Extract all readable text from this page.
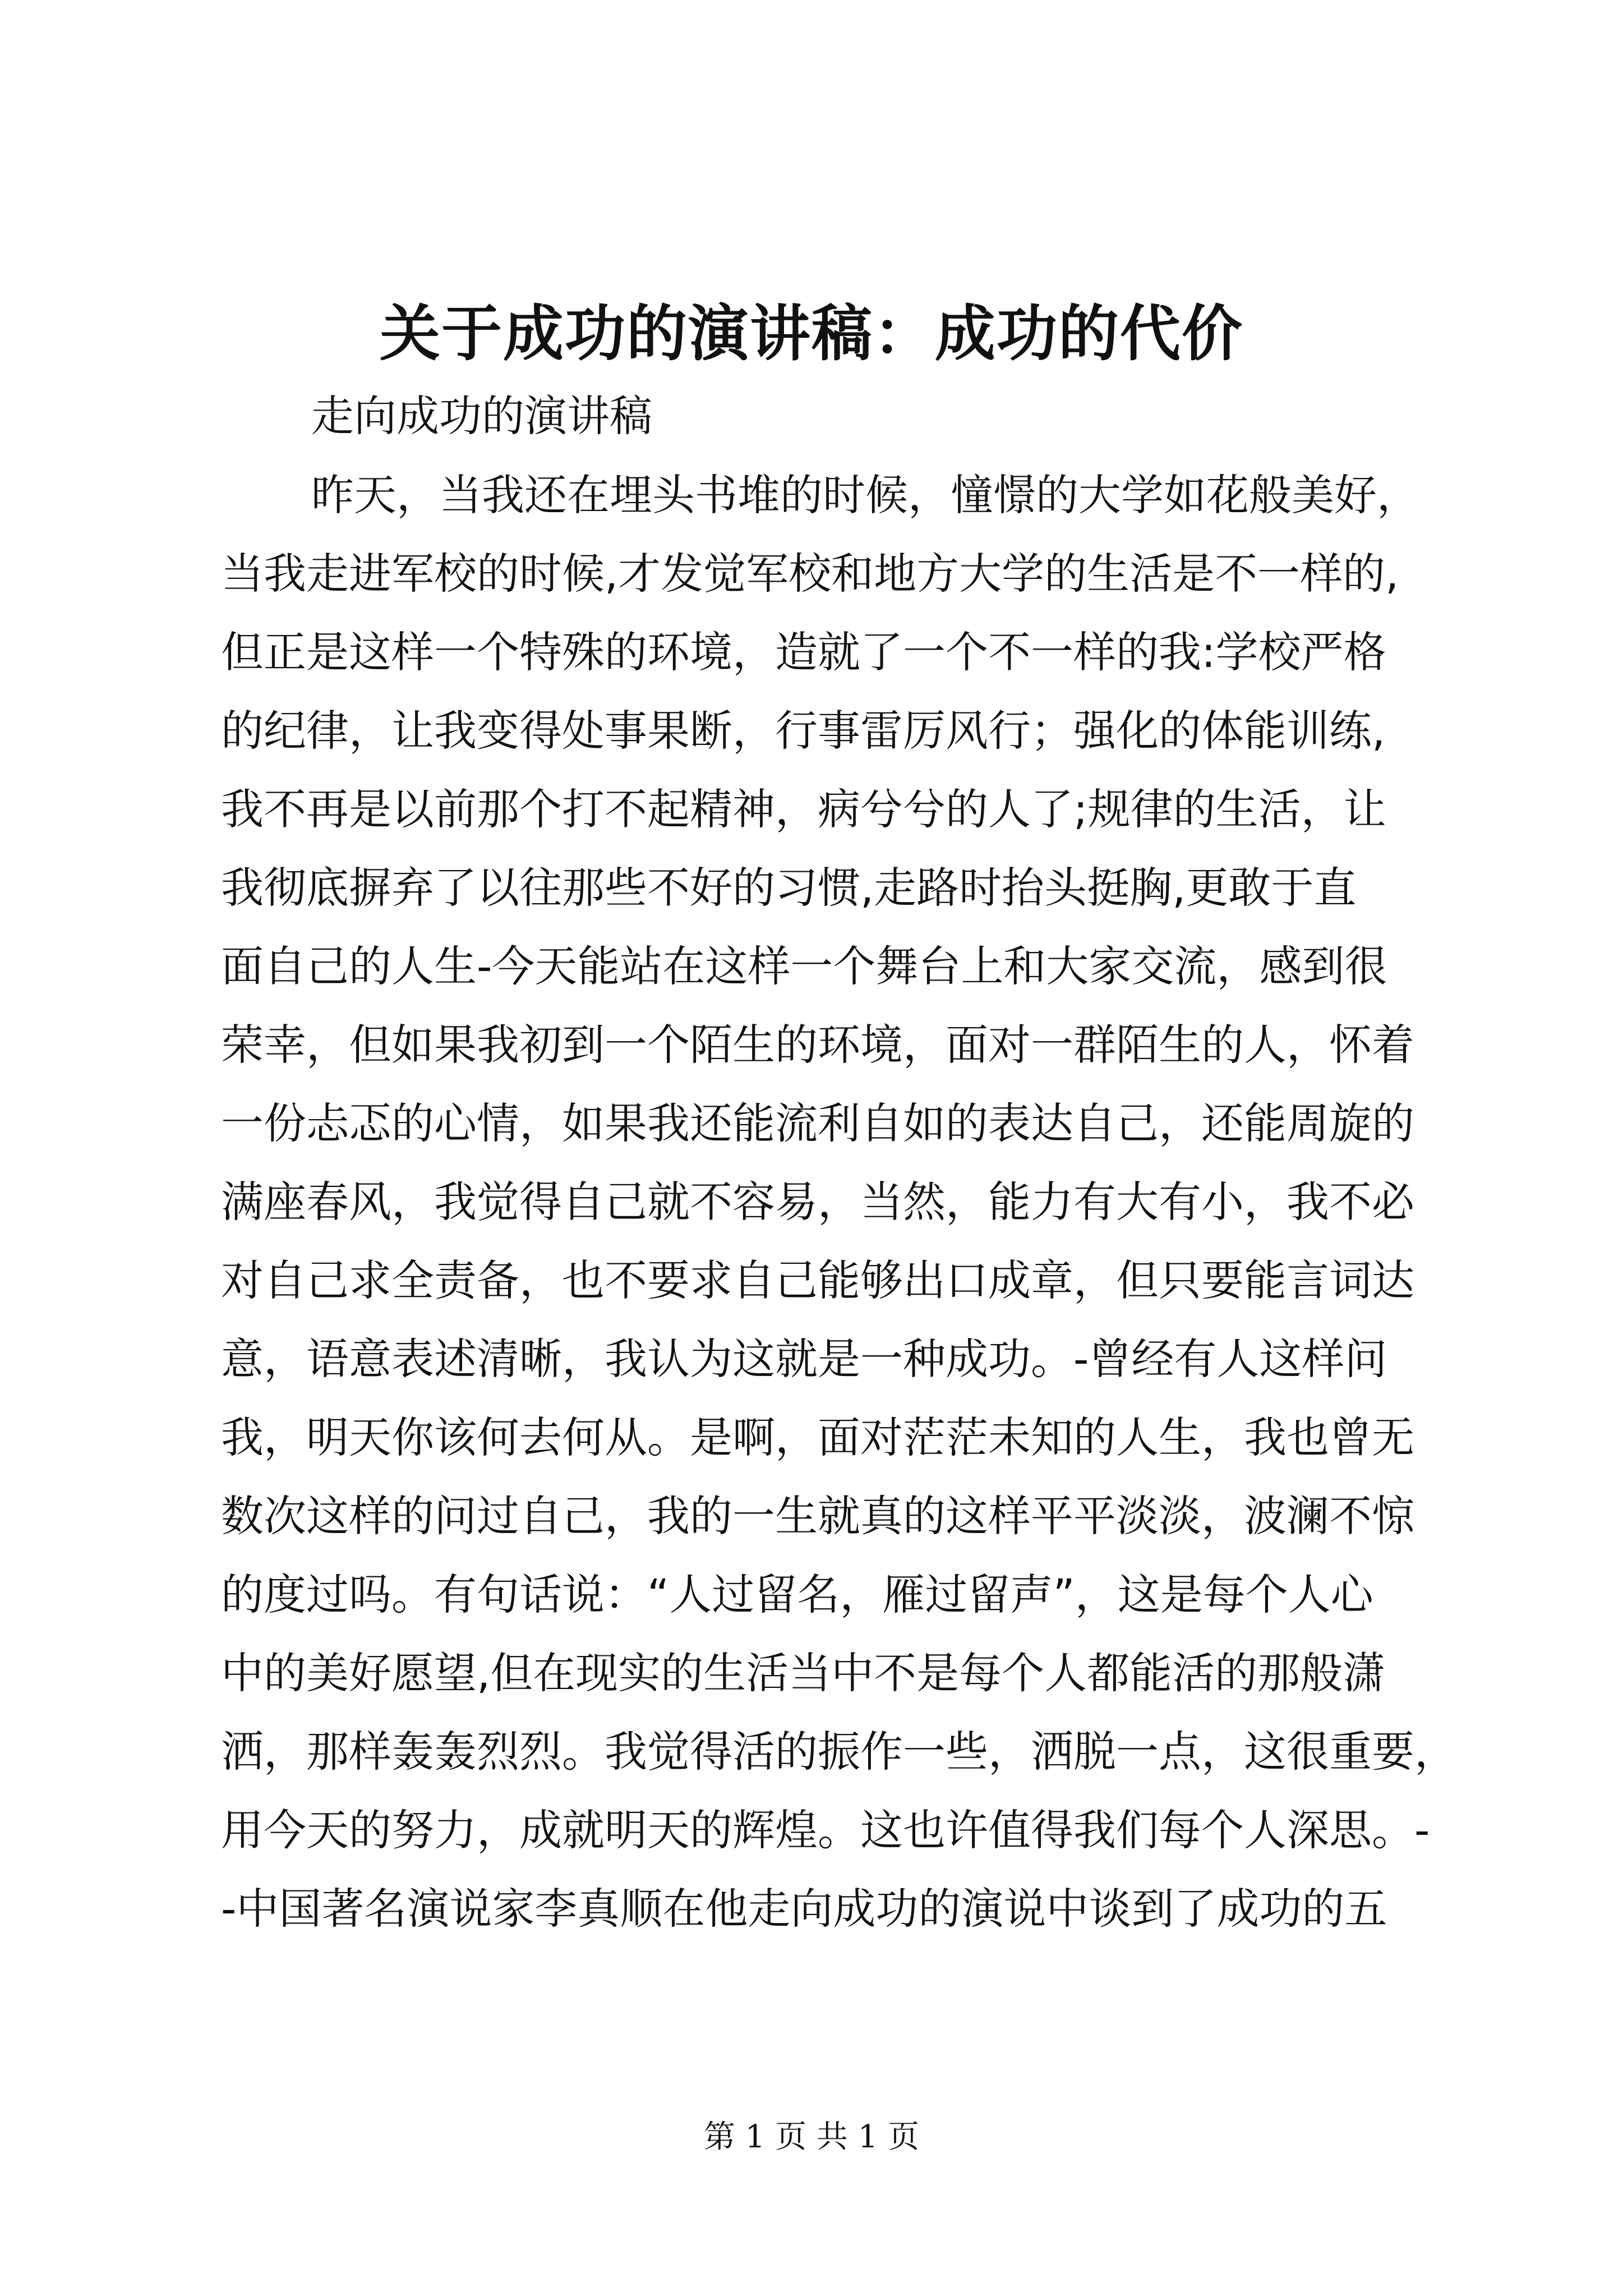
关于成功的演讲稿：成功的代价

走向成功的演讲稿

昨天，当我还在埋头书堆的时候，憧憬的大学如花般美好，

当我走进军校的时候,才发觉军校和地方大学的生活是不一样的,

但正是这样一个特殊的环境，造就了一个不一样的我:学校严格

的纪律，让我变得处事果断，行事雷厉风行；强化的体能训练,

我不再是以前那个打不起精神，病兮兮的人了;规律的生活，让

我彻底摒弃了以往那些不好的习惯,走路时抬头挺胸,更敢于直

面自己的人生-今天能站在这样一个舞台上和大家交流，感到很

荣幸，但如果我初到一个陌生的环境，面对一群陌生的人，怀着

一份忐忑的心情，如果我还能流利自如的表达自己，还能周旋的

满座春风，我觉得自己就不容易，当然，能力有大有小，我不必

对自己求全责备，也不要求自己能够出口成章，但只要能言词达

意，语意表述清晰，我认为这就是一种成功。-曾经有人这样问

我，明天你该何去何从。是啊，面对茫茫未知的人生，我也曾无

数次这样的问过自己，我的一生就真的这样平平淡淡，波澜不惊

的度过吗。有句话说：“人过留名，雁过留声”，这是每个人心

中的美好愿望,但在现实的生活当中不是每个人都能活的那般潇

洒，那样轰轰烈烈。我觉得活的振作一些，洒脱一点，这很重要，

用今天的努力，成就明天的辉煌。这也许值得我们每个人深思。-

-中国著名演说家李真顺在他走向成功的演说中谈到了成功的五

第 1 页 共 1 页
